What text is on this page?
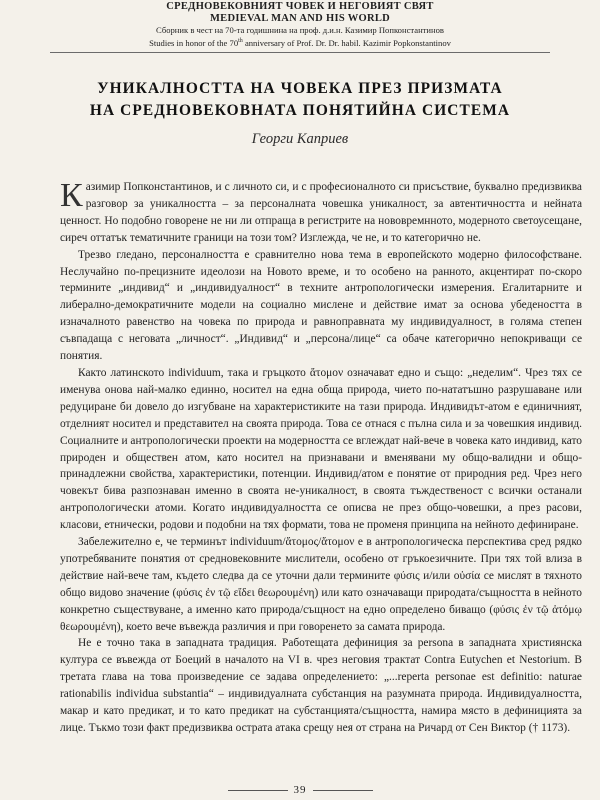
СРЕДНОВЕКОВНИЯТ ЧОВЕК И НЕГОВИЯТ СВЯТ
MEDIEVAL MAN AND HIS WORLD
Сборник в чест на 70-та годишнина на проф. д.и.н. Казимир Попконстантинов
Studies in honor of the 70th anniversary of Prof. Dr. Dr. habil. Kazimir Popkonstantinov
УНИКАЛНОСТТА НА ЧОВЕКА ПРЕЗ ПРИЗМАТА
НА СРЕДНОВЕКОВНАТА ПОНЯТИЙНА СИСТЕМА
Георги Каприев

Казимир Попконстантинов, и с личното си, и с професионалното си присъствие, буквално предизвиква разговор за уникалността – за персоналната човешка уникалност, за автентичността и нейната ценност. Но подобно говорене не ни ли отпраща в регистрите на нововремнното, модерното светоусещане, сиреч оттатък тематичните граници на този том? Изглежда, че не, и то категорично не.

Трезво гледано, персоналността е сравнително нова тема в европейското модерно философстване. Неслучайно по-прецизните идеолози на Новото време, и то особено на ранното, акцентират по-скоро термините „индивид“ и „индивидуалност“ в техните антропологически измерения. Егалитарните и либерално-демократичните модели на социално мислене и действие имат за основа убедеността в изначалното равенство на човека по природа и равноправната му индивидуалност, в голяма степен съвпадаща с неговата „личност“. „Индивид“ и „персона/лице“ са обаче категорично непокриващи се понятия.

Както латинското individuum, така и гръцкото ἄτομον означават едно и също: „неделим“. Чрез тях се именува онова най-малко единно, носител на една обща природа, чието по-нататъшно разрушаване или редуциране би довело до изгубване на характеристиките на тази природа. Индивидът-атом е единичният, отделният носител и представител на своята природа. Това се отнася с пълна сила и за човешкия индивид. Социалните и антропологически проекти на модерността се вглеждат най-вече в човека като индивид, като природен и обществен атом, като носител на признавани и вменявани му общо-валидни и общо-принадлежни свойства, характеристики, потенции. Индивид/атом е понятие от природния ред. Чрез него човекът бива разпознаван именно в своята не-уникалност, в своята тъждественост с всички останали антропологически атоми. Когато индивидуалността се описва не през общо-човешки, а през расови, класови, етнически, родови и подобни на тях формати, това не променя принципа на нейното дефиниране.

Забележително е, че терминът individuum/ἄτομος/ἄτομον е в антропологическа перспектива сред рядко употребяваните понятия от средновековните мислители, особено от гръкоезичните. При тях той влиза в действие най-вече там, където следва да се уточни дали термините φύσις и/или οὐσία се мислят в тяхното общо видово значение (φύσις ἐν τῷ εἴδει θεωρουμένη) или като означаващи природата/същността в нейното конкретно съществуване, а именно като природа/същност на едно определено биващо (φύσις ἐν τῷ ἀτόμῳ θεωρουμένη), което вече въвежда различия и при говоренето за самата природа.

Не е точно така в западната традиция. Работещата дефиниция за persona в западната християнска култура се въвежда от Боеций в началото на VI в. чрез неговия трактат Contra Eutychen et Nestorium. В третата глава на това произведение се задава определението: „...reperta personae est definitio: naturae rationabilis individua substantia“ – индивидуалната субстанция на разумната природа. Индивидуалността, макар и като предикат, и то като предикат на субстанцията/същността, намира място в дефиницията за лице. Тъкмо този факт предизвиква острата атака срещу нея от страна на Ричард от Сен Виктор († 1173).

39
